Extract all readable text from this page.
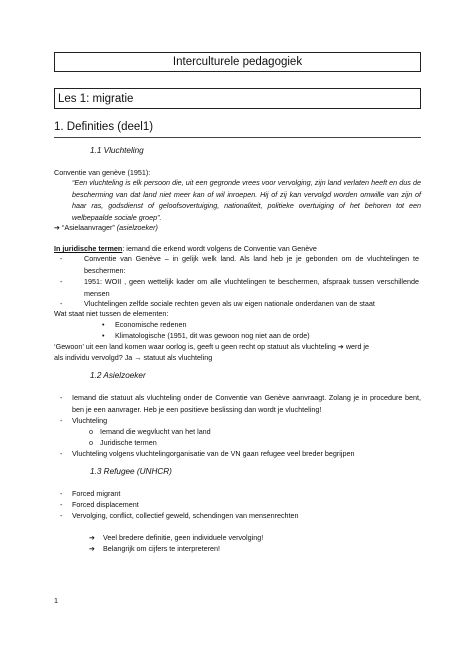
Interculturele pedagogiek
Les 1: migratie
1. Definities (deel1)
1.1 Vluchteling
Conventie van genève (1951):
“Een vluchteling is elk persoon die, uit een gegronde vrees voor vervolging, zijn land verlaten heeft en dus de bescherming van dat land niet meer kan of wil inroepen. Hij of zij kan vervolgd worden omwille van zijn of haar ras, godsdienst of geloofsovertuiging, nationaliteit, politieke overtuiging of het behoren tot een welbepaalde sociale groep”.
➔ “Asielaanvrager” (asielzoeker)
In juridische termen: iemand die erkend wordt volgens de Conventie van Genève
-	Conventie van Genève – in gelijk welk land. Als land heb je je gebonden om de vluchtelingen te beschermen:
-	1951: WOII , geen wettelijk kader om alle vluchtelingen te beschermen, afspraak tussen verschillende mensen
-	Vluchtelingen zelfde sociale rechten geven als uw eigen nationale onderdanen van de staat
Wat staat niet tussen de elementen:
• Economische redenen
• Klimatologische (1951, dit was gewoon nog niet aan de orde)
‘Gewoon’ uit een land komen waar oorlog is, geeft u geen recht op statuut als vluchteling ➔ werd je
als individu vervolgd? Ja → statuut als vluchteling
1.2 Asielzoeker
- Iemand die statuut als vluchteling onder de Conventie van Genève aanvraagt. Zolang je in procedure bent, ben je een aanvrager. Heb je een positieve beslissing dan wordt je vluchteling!
- Vluchteling
o Iemand die wegvlucht van het land
o Juridische termen
- Vluchteling volgens vluchtelingorganisatie van de VN gaan refugee veel breder begrijpen
1.3 Refugee (UNHCR)
- Forced migrant
- Forced displacement
- Vervolging, conflict, collectief geweld, schendingen van mensenrechten
➔ Veel bredere definitie, geen individuele vervolging!
➔ Belangrijk om cijfers te interpreteren!
1
